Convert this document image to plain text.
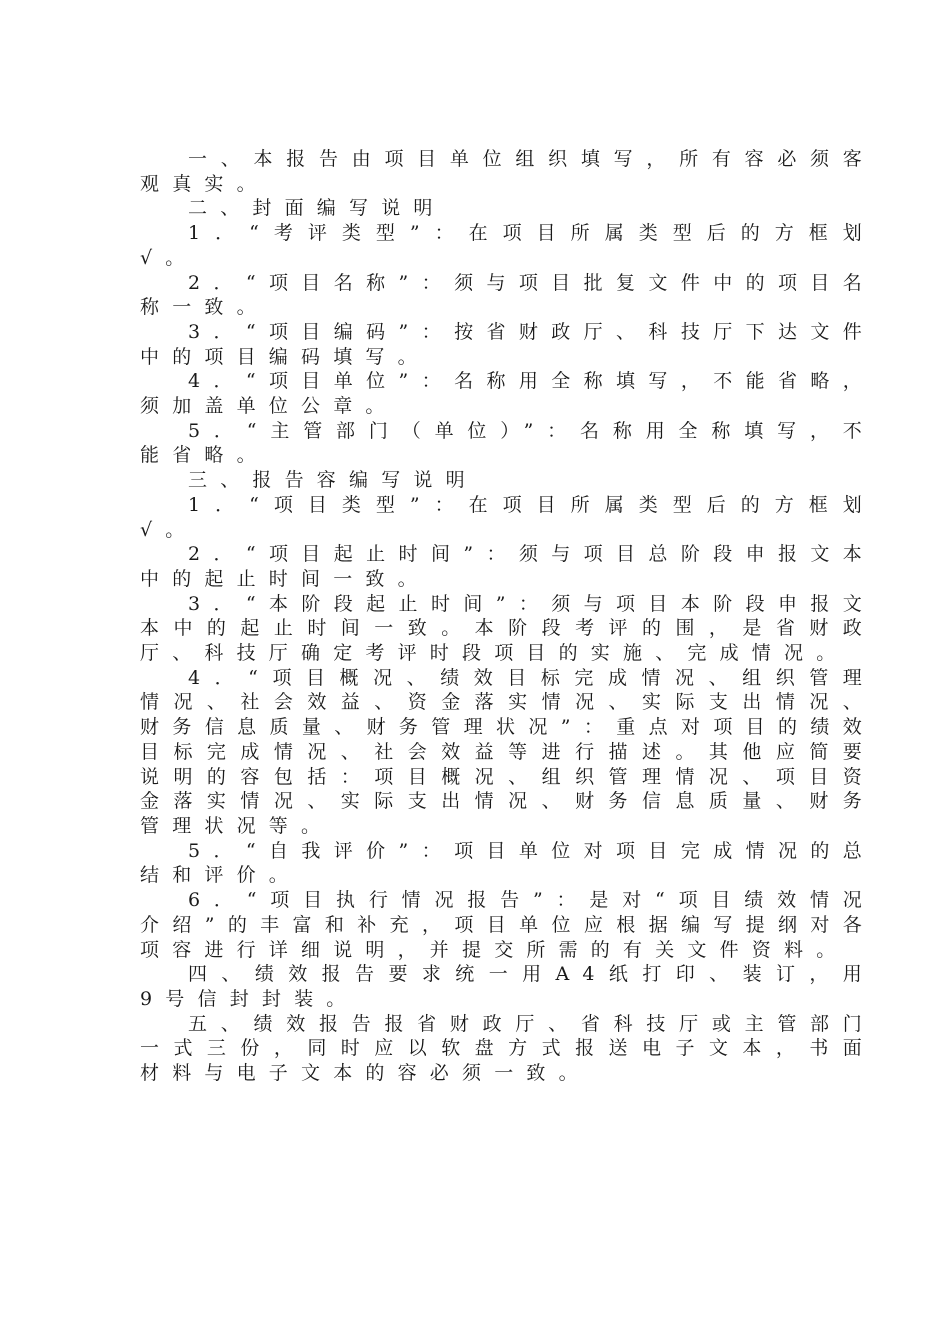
一、本报告由项目单位组织填写，所有容必须客观真实。

二、封面编写说明

1．“考评类型”：在项目所属类型后的方框划√。

2．“项目名称”：须与项目批复文件中的项目名称一致。

3．“项目编码”：按省财政厅、科技厅下达文件中的项目编码填写。

4．“项目单位”：名称用全称填写，不能省略，须加盖单位公章。

5．“主管部门（单位）”：名称用全称填写，不能省略。

三、报告容编写说明

1．“项目类型”：在项目所属类型后的方框划√。

2．“项目起止时间”：须与项目总阶段申报文本中的起止时间一致。

3．“本阶段起止时间”：须与项目本阶段申报文本中的起止时间一致。本阶段考评的围，是省财政厅、科技厅确定考评时段项目的实施、完成情况。

4．“项目概况、绩效目标完成情况、组织管理情况、社会效益、资金落实情况、实际支出情况、财务信息质量、财务管理状况”：重点对项目的绩效目标完成情况、社会效益等进行描述。其他应简要说明的容包括：项目概况、组织管理情况、项目资金落实情况、实际支出情况、财务信息质量、财务管理状况等。

5．“自我评价”：项目单位对项目完成情况的总结和评价。

6．“项目执行情况报告”：是对“项目绩效情况介绍”的丰富和补充，项目单位应根据编写提纲对各项容进行详细说明，并提交所需的有关文件资料。

四、绩效报告要求统一用A4纸打印、装订，用9号信封封装。

五、绩效报告报省财政厅、省科技厅或主管部门一式三份，同时应以软盘方式报送电子文本，书面材料与电子文本的容必须一致。
